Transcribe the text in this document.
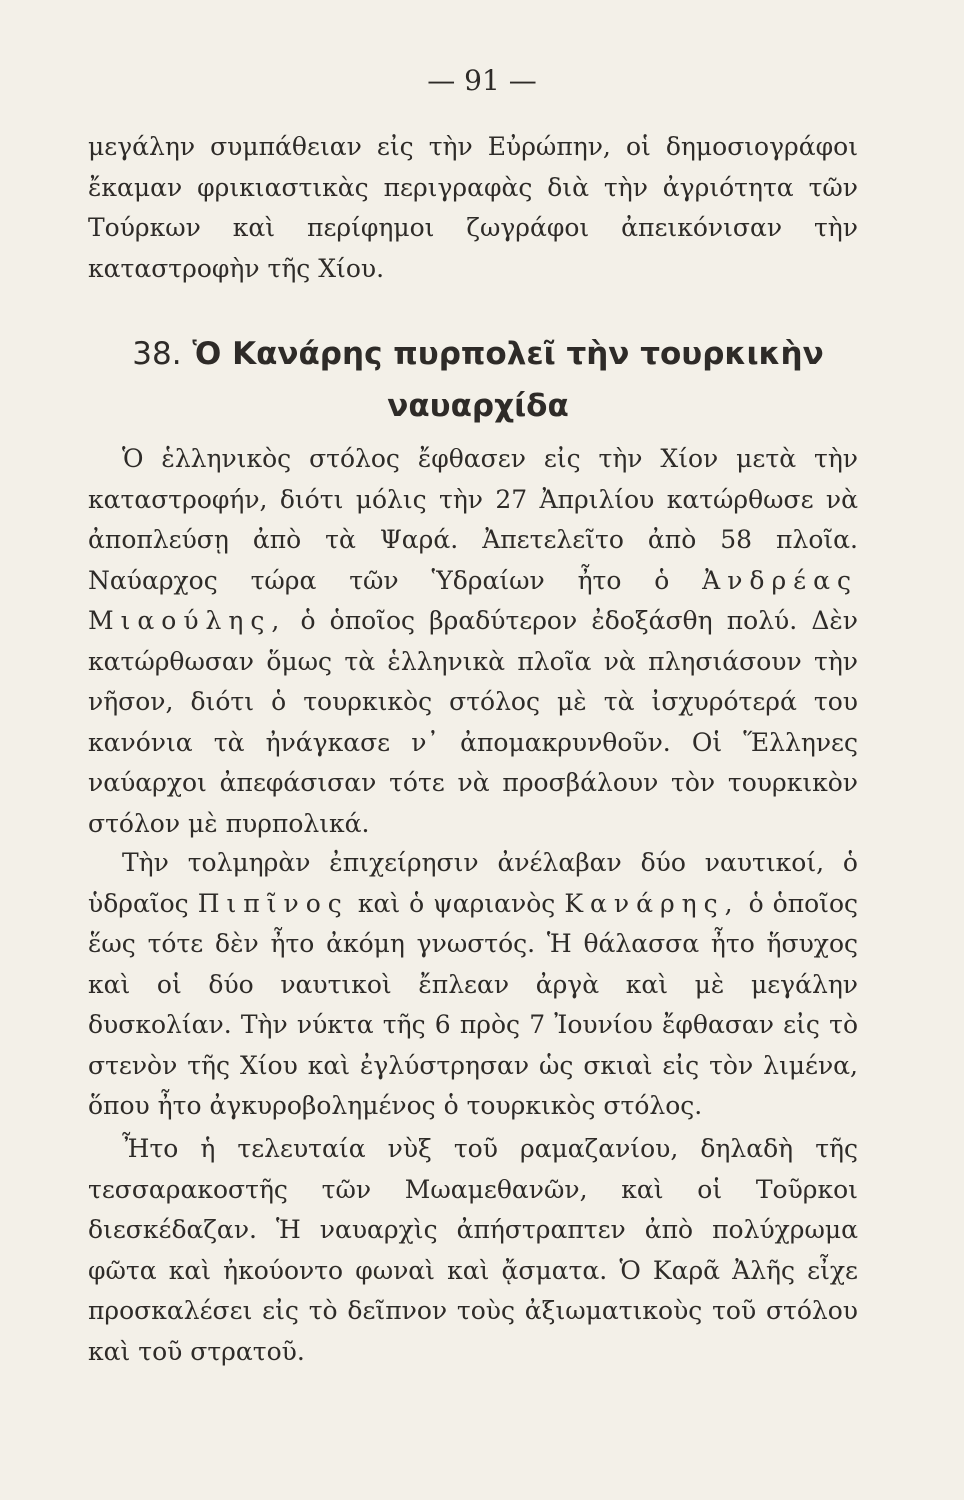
— 91 —

μεγάλην συμπάθειαν εἰς τὴν Εὐρώπην, οἱ δημοσιογράφοι ἔκαμαν φρικιαστικὰς περιγραφὰς διὰ τὴν ἀγριότητα τῶν Τούρκων καὶ περίφημοι ζωγράφοι ἀπεικόνισαν τὴν καταστροφὴν τῆς Χίου.

38. Ὁ Κανάρης πυρπολεῖ τὴν τουρκικὴν ναυαρχίδα

Ὁ ἑλληνικὸς στόλος ἔφθασεν εἰς τὴν Χίον μετὰ τὴν καταστροφήν, διότι μόλις τὴν 27 Ἀπριλίου κατώρθωσε νὰ ἀποπλεύσῃ ἀπὸ τὰ Ψαρά. Ἀπετελεῖτο ἀπὸ 58 πλοῖα. Ναύαρχος τώρα τῶν Ὑδραίων ἦτο ὁ Ἀνδρέας Μιαούλης, ὁ ὁποῖος βραδύτερον ἐδοξάσθη πολύ. Δὲν κατώρθωσαν ὅμως τὰ ἑλληνικὰ πλοῖα νὰ πλησιάσουν τὴν νῆσον, διότι ὁ τουρκικὸς στόλος μὲ τὰ ἰσχυρότερά του κανόνια τὰ ἠνάγκασε ν᾽ ἀπομακρυνθοῦν. Οἱ Ἕλληνες ναύαρχοι ἀπεφάσισαν τότε νὰ προσβάλουν τὸν τουρκικὸν στόλον μὲ πυρπολικά.

Τὴν τολμηρὰν ἐπιχείρησιν ἀνέλαβαν δύο ναυτικοί, ὁ ὑδραῖος Πιπῖνος καὶ ὁ ψαριανὸς Κανάρης, ὁ ὁποῖος ἕως τότε δὲν ἦτο ἀκόμη γνωστός. Ἡ θάλασσα ἦτο ἥσυχος καὶ οἱ δύο ναυτικοὶ ἔπλεαν ἀργὰ καὶ μὲ μεγάλην δυσκολίαν. Τὴν νύκτα τῆς 6 πρὸς 7 Ἰουνίου ἔφθασαν εἰς τὸ στενὸν τῆς Χίου καὶ ἐγλύστρησαν ὡς σκιαὶ εἰς τὸν λιμένα, ὅπου ἦτο ἀγκυροβολημένος ὁ τουρκικὸς στόλος.

Ἦτο ἡ τελευταία νὺξ τοῦ ραμαζανίου, δηλαδὴ τῆς τεσσαρακοστῆς τῶν Μωαμεθανῶν, καὶ οἱ Τοῦρκοι διεσκέδαζαν. Ἡ ναυαρχὶς ἀπήστραπτεν ἀπὸ πολύχρωμα φῶτα καὶ ἠκούοντο φωναὶ καὶ ᾄσματα. Ὁ Καρᾶ Ἀλῆς εἶχε προσκαλέσει εἰς τὸ δεῖπνον τοὺς ἀξιωματικοὺς τοῦ στόλου καὶ τοῦ στρατοῦ.
